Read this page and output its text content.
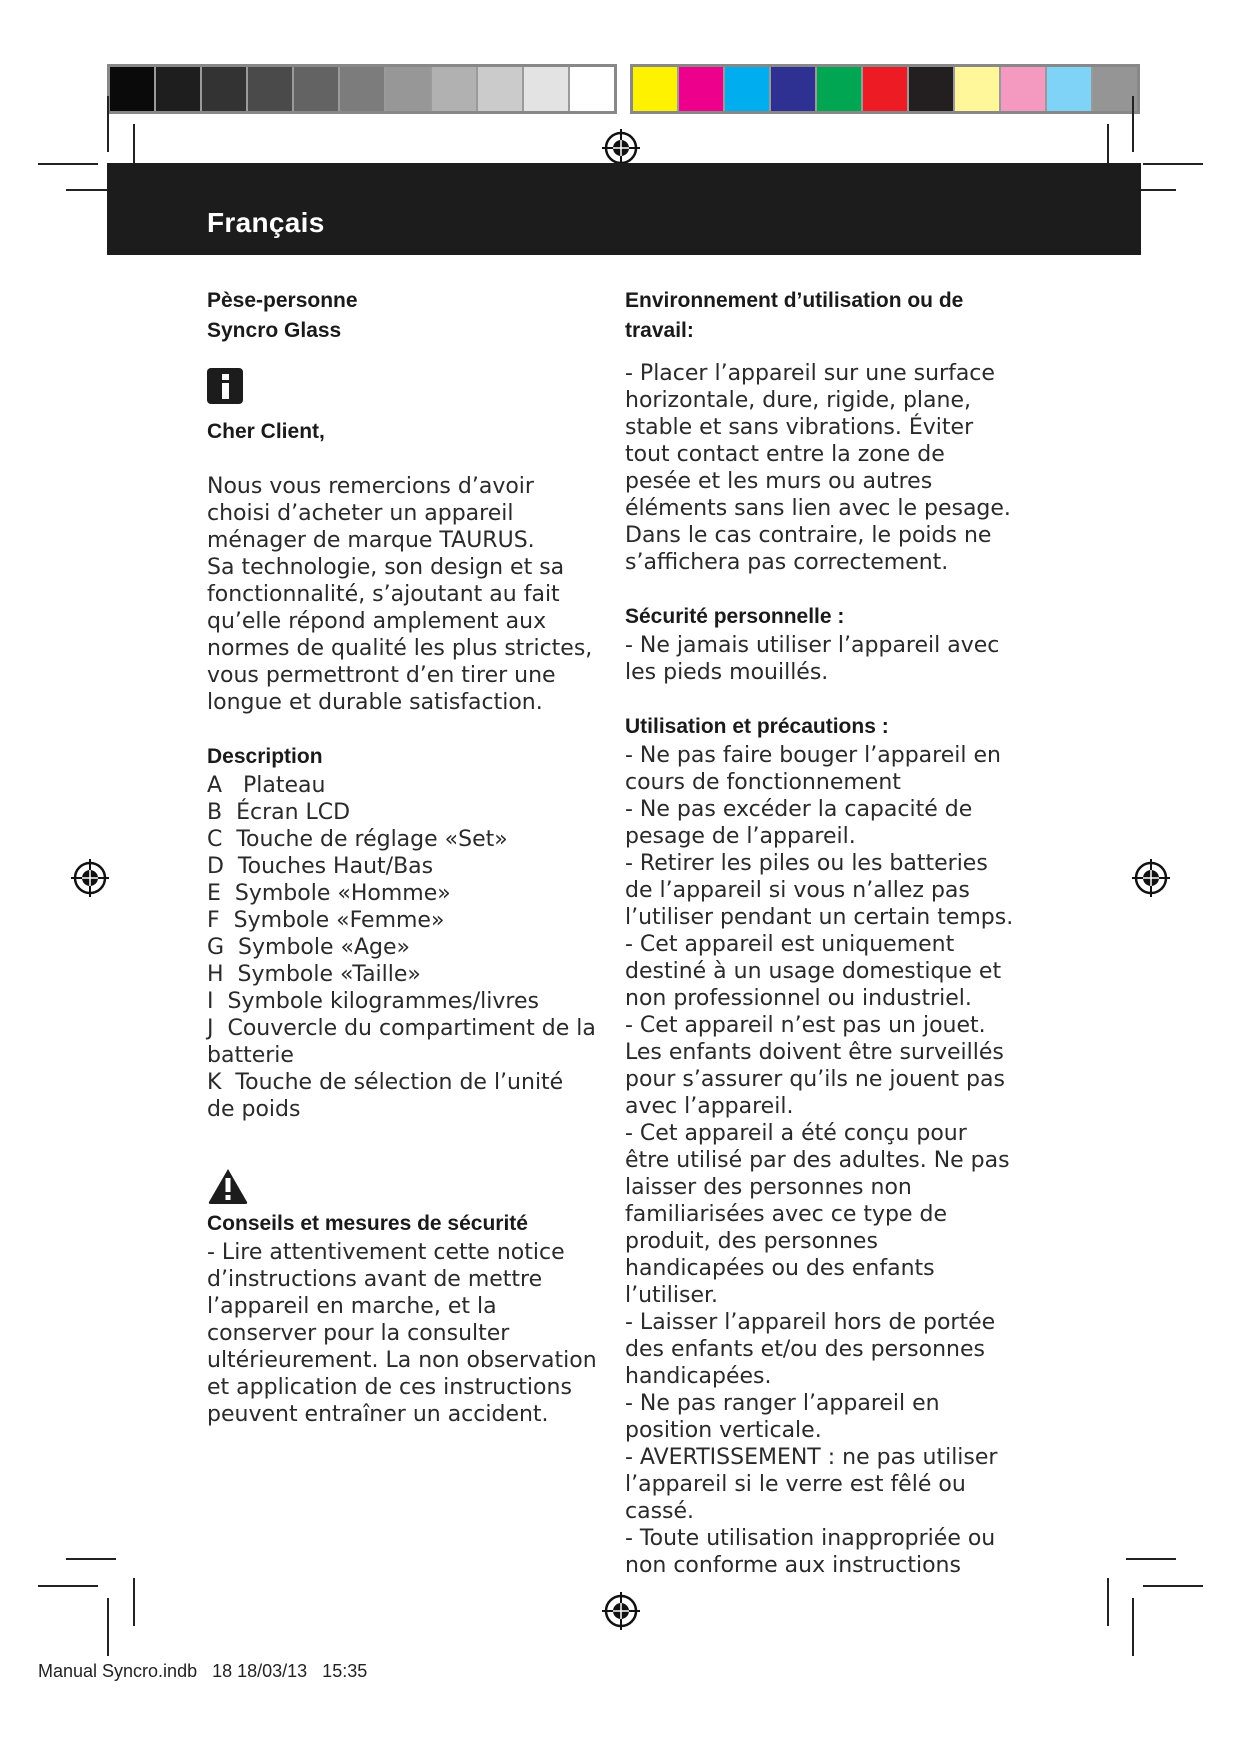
Français
Pèse-personne
Syncro Glass
Cher Client,

Nous vous remercions d’avoir choisi d’acheter un appareil ménager de marque TAURUS.

Sa technologie, son design et sa fonctionnalité, s’ajoutant au fait qu’elle répond amplement aux normes de qualité les plus strictes, vous permettront d’en tirer une longue et durable satisfaction.

Description
A   Plateau
B  Écran LCD
C  Touche de réglage «Set»
D  Touches Haut/Bas
E  Symbole «Homme»
F  Symbole «Femme»
G  Symbole «Age»
H  Symbole «Taille»
I  Symbole kilogrammes/livres
J  Couvercle du compartiment de la batterie
K  Touche de sélection de l’unité de poids
Conseils et mesures de sécurité

- Lire attentivement cette notice d’instructions avant de mettre l’appareil en marche, et la conserver pour la consulter ultérieurement. La non observation et application de ces instructions peuvent entraîner un accident.

Environnement d’utilisation ou de travail:

- Placer l’appareil sur une surface horizontale, dure, rigide, plane, stable et sans vibrations. Éviter tout contact entre la zone de pesée et les murs ou autres éléments sans lien avec le pesage. Dans le cas contraire, le poids ne s’affichera pas correctement.

Sécurité personnelle :

- Ne jamais utiliser l’appareil avec les pieds mouillés.

Utilisation et précautions :

- Ne pas faire bouger l’appareil en cours de fonctionnement

- Ne pas excéder la capacité de pesage de l’appareil.

- Retirer les piles ou les batteries de l’appareil si vous n’allez pas l’utiliser pendant un certain temps.

- Cet appareil est uniquement destiné à un usage domestique et non professionnel ou industriel.

- Cet appareil n’est pas un jouet. Les enfants doivent être surveillés pour s’assurer qu’ils ne jouent pas avec l’appareil.

- Cet appareil a été conçu pour être utilisé par des adultes. Ne pas laisser des personnes non familiarisées avec ce type de produit, des personnes handicapées ou des enfants l’utiliser.

- Laisser l’appareil hors de portée des enfants et/ou des personnes handicapées.

- Ne pas ranger l’appareil en position verticale.

- AVERTISSEMENT : ne pas utiliser l’appareil si le verre est fêlé ou cassé.

- Toute utilisation inappropriée ou non conforme aux instructions

Manual Syncro.indb   18 18/03/13   15:35
